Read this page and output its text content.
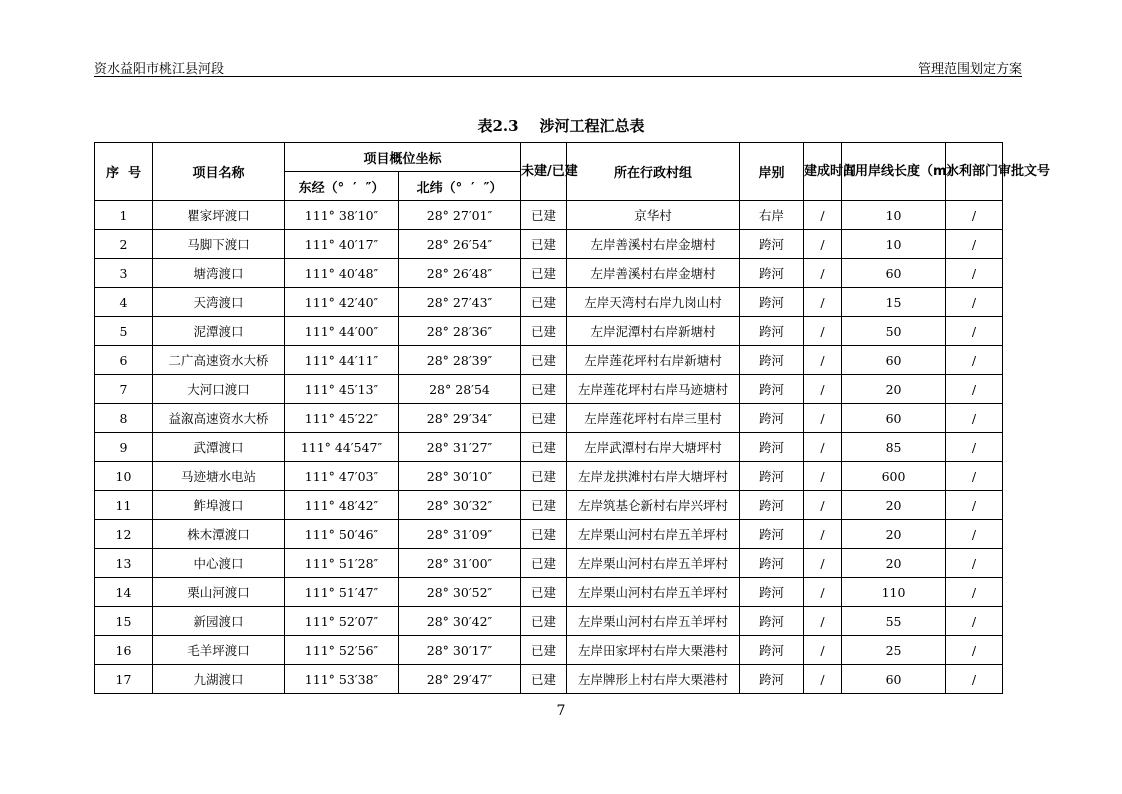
资水益阳市桃江县河段	管理范围划定方案
表2.3    涉河工程汇总表
序  号	项目名称	项目概位坐标		未建/已建	所在行政村组	岸别	建成时间	占用岸线长度（m）	水利部门审批文号
		东经（°  ′  ″）	北纬（°  ′  ″）						
1	瞿家坪渡口	111° 38′10″	28° 27′01″	已建	京华村	右岸	/	10	/
2	马脚下渡口	111° 40′17″	28° 26′54″	已建	左岸善溪村右岸金塘村	跨河	/	10	/
3	塘湾渡口	111° 40′48″	28° 26′48″	已建	左岸善溪村右岸金塘村	跨河	/	60	/
4	天湾渡口	111° 42′40″	28° 27′43″	已建	左岸天湾村右岸九岗山村	跨河	/	15	/
5	泥潭渡口	111° 44′00″	28° 28′36″	已建	左岸泥潭村右岸新塘村	跨河	/	50	/
6	二广高速资水大桥	111° 44′11″	28° 28′39″	已建	左岸莲花坪村右岸新塘村	跨河	/	60	/
7	大河口渡口	111° 45′13″	28° 28′54	已建	左岸莲花坪村右岸马迹塘村	跨河	/	20	/
8	益溆高速资水大桥	111° 45′22″	28° 29′34″	已建	左岸莲花坪村右岸三里村	跨河	/	60	/
9	武潭渡口	111° 44′547″	28° 31′27″	已建	左岸武潭村右岸大塘坪村	跨河	/	85	/
10	马迹塘水电站	111° 47′03″	28° 30′10″	已建	左岸龙拱滩村右岸大塘坪村	跨河	/	600	/
11	鲊埠渡口	111° 48′42″	28° 30′32″	已建	左岸筑基仑新村右岸兴坪村	跨河	/	20	/
12	株木潭渡口	111° 50′46″	28° 31′09″	已建	左岸栗山河村右岸五羊坪村	跨河	/	20	/
13	中心渡口	111° 51′28″	28° 31′00″	已建	左岸栗山河村右岸五羊坪村	跨河	/	20	/
14	栗山河渡口	111° 51′47″	28° 30′52″	已建	左岸栗山河村右岸五羊坪村	跨河	/	110	/
15	新园渡口	111° 52′07″	28° 30′42″	已建	左岸栗山河村右岸五羊坪村	跨河	/	55	/
16	毛羊坪渡口	111° 52′56″	28° 30′17″	已建	左岸田家坪村右岸大栗港村	跨河	/	25	/
17	九湖渡口	111° 53′38″	28° 29′47″	已建	左岸牌形上村右岸大栗港村	跨河	/	60	/
7
